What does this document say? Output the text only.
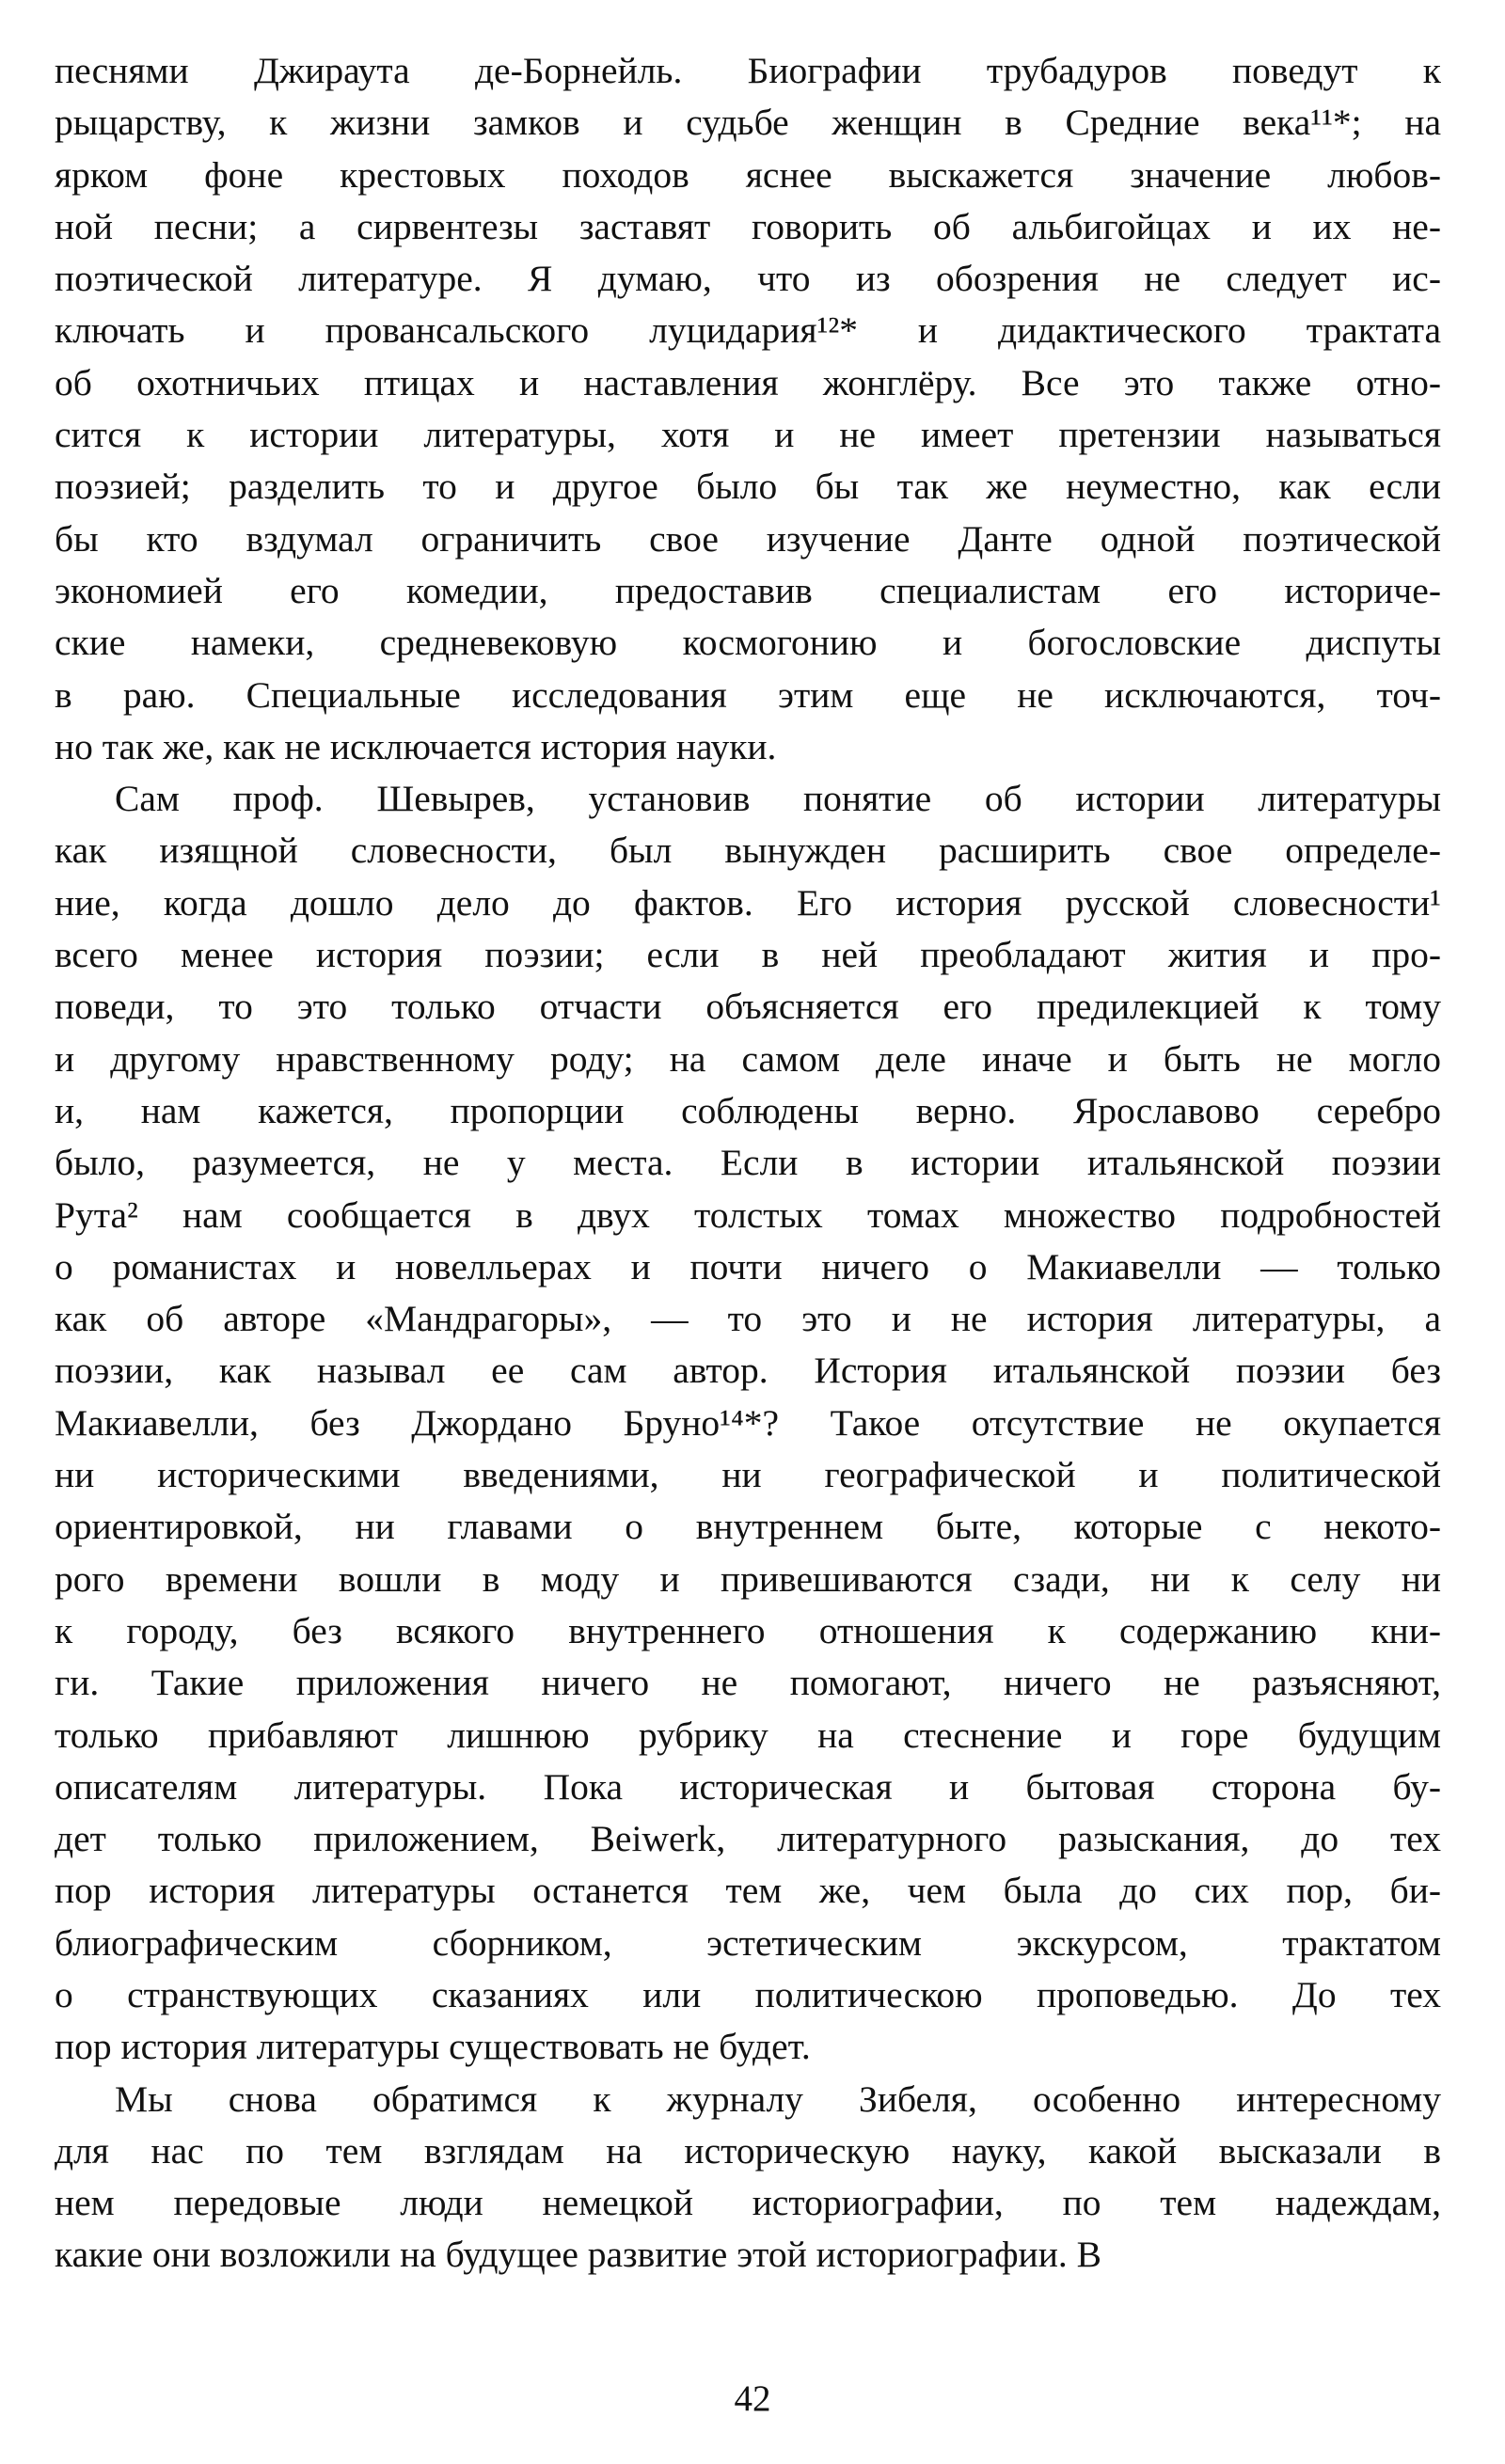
песнями Джираута де-Борнейль. Биографии трубадуров поведут к
рыцарству, к жизни замков и судьбе женщин в Средние века¹¹*; на
ярком фоне крестовых походов яснее выскажется значение любов-
ной песни; а сирвентезы заставят говорить об альбигойцах и их не-
поэтической литературе. Я думаю, что из обозрения не следует ис-
ключать и провансальского луцидария¹²* и дидактического трактата
об охотничьих птицах и наставления жонглёру. Все это также отно-
сится к истории литературы, хотя и не имеет претензии называться
поэзией; разделить то и другое было бы так же неуместно, как если
бы кто вздумал ограничить свое изучение Данте одной поэтической
экономией его комедии, предоставив специалистам его историче-
ские намеки, средневековую космогонию и богословские диспуты
в раю. Специальные исследования этим еще не исключаются, точ-
но так же, как не исключается история науки.
Сам проф. Шевырев, установив понятие об истории литературы
как изящной словесности, был вынужден расширить свое определе-
ние, когда дошло дело до фактов. Его история русской словесности¹
всего менее история поэзии; если в ней преобладают жития и про-
поведи, то это только отчасти объясняется его предилекцией к тому
и другому нравственному роду; на самом деле иначе и быть не могло
и, нам кажется, пропорции соблюдены верно. Ярославово серебро
было, разумеется, не у места. Если в истории итальянской поэзии
Рута² нам сообщается в двух толстых томах множество подробностей
о романистах и новелльерах и почти ничего о Макиавелли — только
как об авторе «Мандрагоры», — то это и не история литературы, а
поэзии, как называл ее сам автор. История итальянской поэзии без
Макиавелли, без Джордано Бруно¹⁴*? Такое отсутствие не окупается
ни историческими введениями, ни географической и политической
ориентировкой, ни главами о внутреннем быте, которые с некото-
рого времени вошли в моду и привешиваются сзади, ни к селу ни
к городу, без всякого внутреннего отношения к содержанию кни-
ги. Такие приложения ничего не помогают, ничего не разъясняют,
только прибавляют лишнюю рубрику на стеснение и горе будущим
описателям литературы. Пока историческая и бытовая сторона бу-
дет только приложением, Beiwerk, литературного разыскания, до тех
пор история литературы останется тем же, чем была до сих пор, би-
блиографическим сборником, эстетическим экскурсом, трактатом
о странствующих сказаниях или политическою проповедью. До тех
пор история литературы существовать не будет.
Мы снова обратимся к журналу Зибеля, особенно интересному
для нас по тем взглядам на историческую науку, какой высказали в
нем передовые люди немецкой историографии, по тем надеждам,
какие они возложили на будущее развитие этой историографии. В
42
